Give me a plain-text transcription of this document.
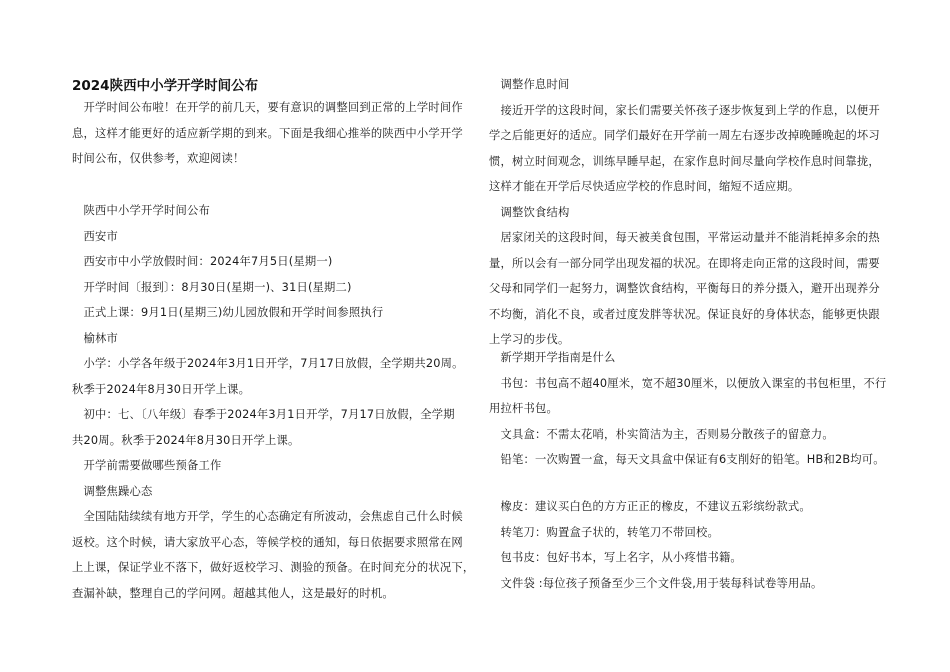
2024陕西中小学开学时间公布
　开学时间公布啦！在开学的前几天，要有意识的调整回到正常的上学时间作
息，这样才能更好的适应新学期的到来。下面是我细心推举的陕西中小学开学
时间公布，仅供参考，欢迎阅读！
　陕西中小学开学时间公布
　西安市
　西安市中小学放假时间：2024年7月5日(星期一)
　开学时间〔报到〕：8月30日(星期一)、31日(星期二)
　正式上课：9月1日(星期三)幼儿园放假和开学时间参照执行
　榆林市
　小学：小学各年级于2024年3月1日开学，7月17日放假，全学期共20周。
秋季于2024年8月30日开学上课。
　初中：七、〔八年级〕春季于2024年3月1日开学，7月17日放假，全学期
共20周。秋季于2024年8月30日开学上课。
　开学前需要做哪些预备工作
　调整焦躁心态
　全国陆陆续续有地方开学，学生的心态确定有所波动，会焦虑自己什么时候
返校。这个时候，请大家放平心态，等候学校的通知，每日依据要求照常在网
上上课，保证学业不落下，做好返校学习、测验的预备。在时间充分的状况下，
查漏补缺，整理自己的学问网。超越其他人，这是最好的时机。
　调整作息时间
　接近开学的这段时间，家长们需要关怀孩子逐步恢复到上学的作息，以便开
学之后能更好的适应。同学们最好在开学前一周左右逐步改掉晚睡晚起的坏习
惯，树立时间观念，训练早睡早起，在家作息时间尽量向学校作息时间靠拢，
这样才能在开学后尽快适应学校的作息时间，缩短不适应期。
　调整饮食结构
　居家闭关的这段时间，每天被美食包围，平常运动量并不能消耗掉多余的热
量，所以会有一部分同学出现发福的状况。在即将走向正常的这段时间，需要
父母和同学们一起努力，调整饮食结构，平衡每日的养分摄入，避开出现养分
不均衡，消化不良，或者过度发胖等状况。保证良好的身体状态，能够更快跟
上学习的步伐。
　新学期开学指南是什么
　书包：书包高不超40厘米，宽不超30厘米，以便放入课室的书包柜里，不行
用拉杆书包。
　文具盒：不需太花哨，朴实简洁为主，否则易分散孩子的留意力。
　铅笔：一次购置一盒，每天文具盒中保证有6支削好的铅笔。HB和2B均可。
　橡皮：建议买白色的方方正正的橡皮，不建议五彩缤纷款式。
　转笔刀：购置盒子状的，转笔刀不带回校。
　包书皮：包好书本，写上名字，从小疼惜书籍。
　文件袋 :每位孩子预备至少三个文件袋,用于装每科试卷等用品。
